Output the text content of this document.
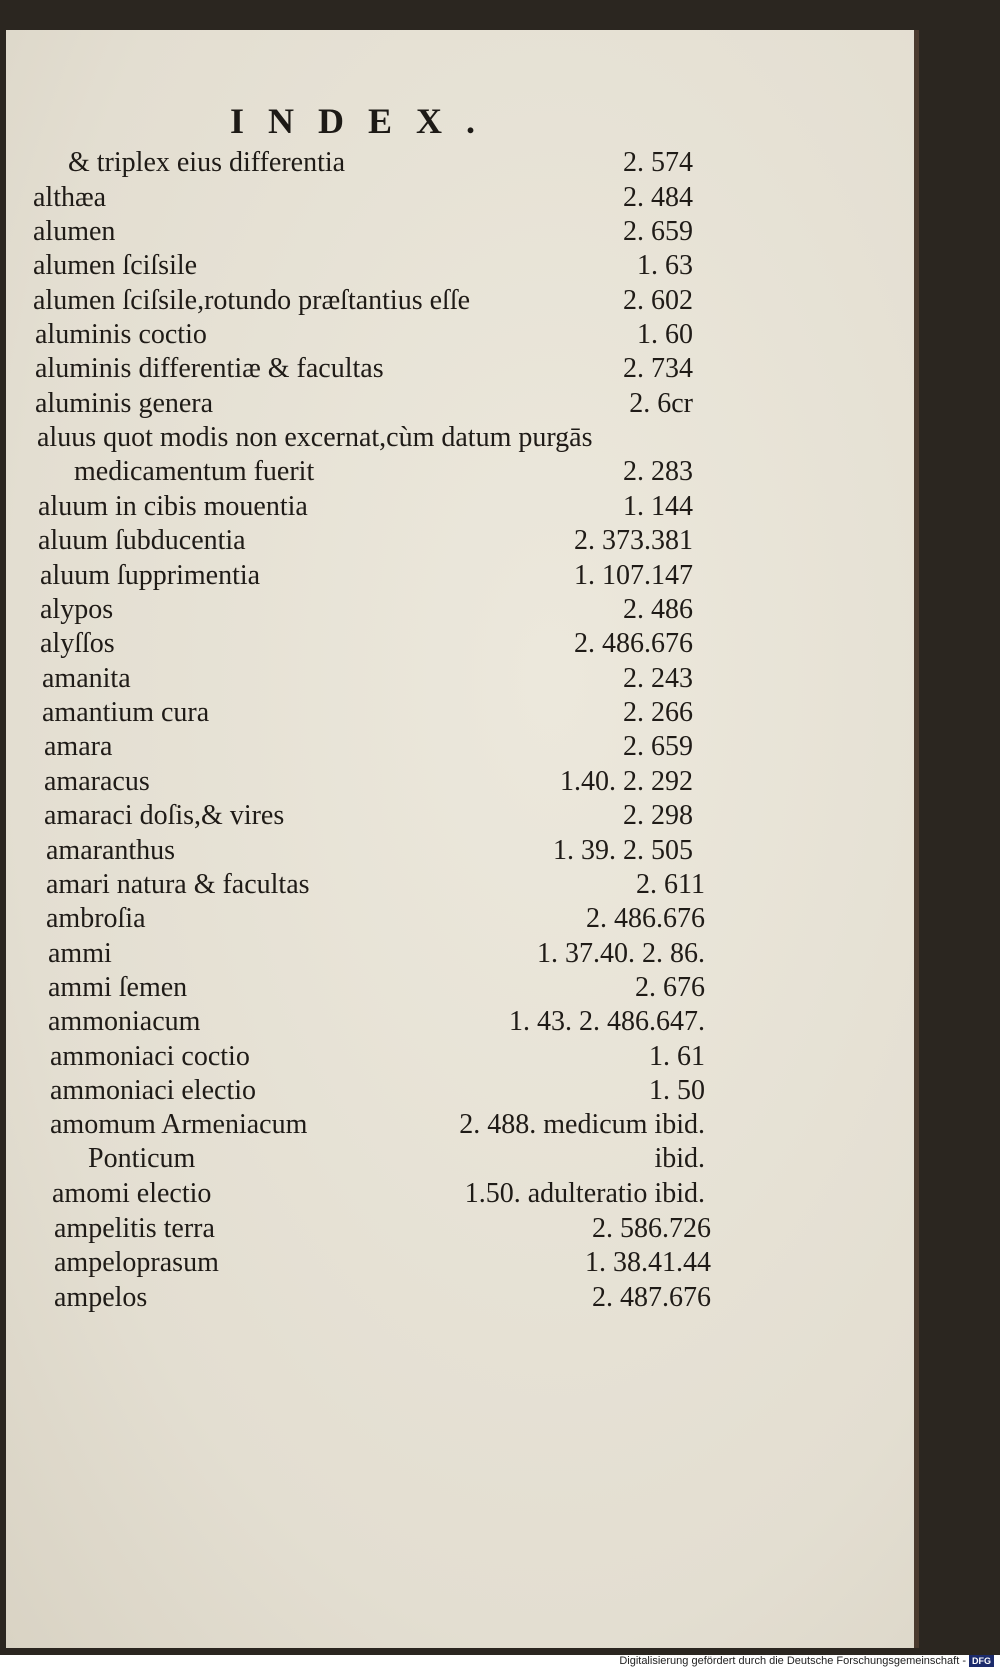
INDEX.
& triplex eius differentia	2. 574
althæa	2. 484
alumen	2. 659
alumen ſciſsile	1. 63
alumen ſciſsile,rotundo præſtantius eſſe	2. 602
aluminis coctio	1. 60
aluminis differentiæ & facultas	2. 734
aluminis genera	2. 6cr
aluus quot modis non excernat,cùm datum purgās
medicamentum fuerit	2. 283
aluum in cibis mouentia	1. 144
aluum ſubducentia	2. 373.381
aluum ſupprimentia	1. 107.147
alypos	2. 486
alyſſos	2. 486.676
amanita	2. 243
amantium cura	2. 266
amara	2. 659
amaracus	1.40. 2. 292
amaraci doſis,& vires	2. 298
amaranthus	1. 39. 2. 505
amari natura & facultas	2. 611
ambroſia	2. 486.676
ammi	1. 37.40. 2. 86.
ammi ſemen	2. 676
ammoniacum	1. 43. 2. 486.647.
ammoniaci coctio	1. 61
ammoniaci electio	1. 50
amomum Armeniacum	2. 488. medicum ibid.
Ponticum	ibid.
amomi electio	1.50. adulteratio ibid.
ampelitis terra	2. 586.726
ampeloprasum	1. 38.41.44
ampelos	2. 487.676
Digitalisierung gefördert durch die Deutsche Forschungsgemeinschaft - DFG
